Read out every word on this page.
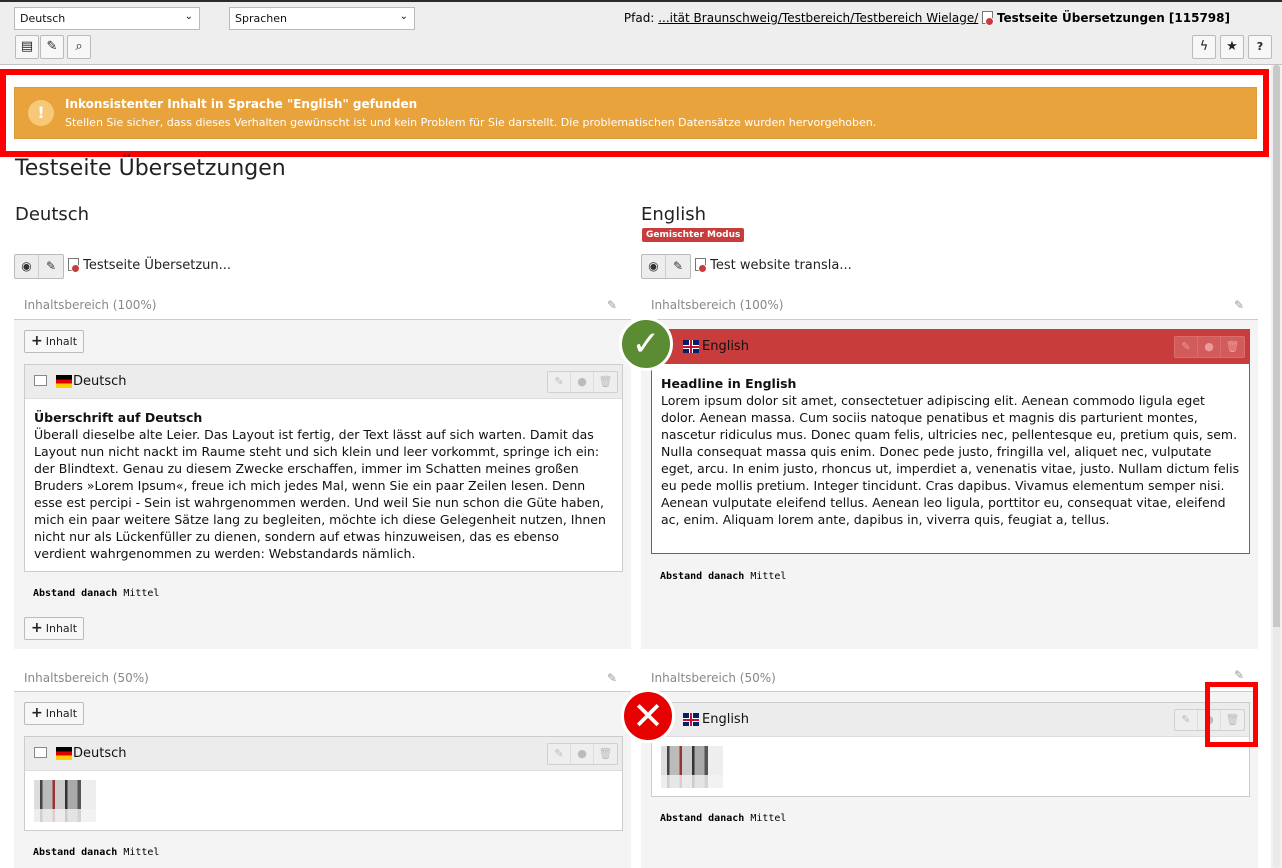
Deutsch	⌄	Sprachen	⌄
▤	✎	⌕
Pfad: ...ität Braunschweig/Testbereich/Testbereich Wielage/ Testseite Übersetzungen [115798]
ϟ	★	?
!	Inkonsistenter Inhalt in Sprache "English" gefunden
Stellen Sie sicher, dass dieses Verhalten gewünscht ist und kein Problem für Sie darstellt. Die problematischen Datensätze wurden hervorgehoben.
Testseite Übersetzungen
Deutsch	English
Gemischter Modus
◉	✎	Testseite Übersetzun...	◉	✎	Test website transla...
Inhaltsbereich (100%)	✎
+ Inhalt
Deutsch	✎	●	🗑
Überschrift auf Deutsch
Überall dieselbe alte Leier. Das Layout ist fertig, der Text lässt auf sich warten. Damit das Layout nun nicht nackt im Raume steht und sich klein und leer vorkommt, springe ich ein: der Blindtext. Genau zu diesem Zwecke erschaffen, immer im Schatten meines großen Bruders »Lorem Ipsum«, freue ich mich jedes Mal, wenn Sie ein paar Zeilen lesen. Denn esse est percipi - Sein ist wahrgenommen werden. Und weil Sie nun schon die Güte haben, mich ein paar weitere Sätze lang zu begleiten, möchte ich diese Gelegenheit nutzen, Ihnen nicht nur als Lückenfüller zu dienen, sondern auf etwas hinzuweisen, das es ebenso verdient wahrgenommen zu werden: Webstandards nämlich.
Abstand danach Mittel
+ Inhalt
Inhaltsbereich (50%)	✎
+ Inhalt
Deutsch	✎	●	🗑
Abstand danach Mittel
Inhaltsbereich (100%)	✎
English	✎	●	🗑
Headline in English
Lorem ipsum dolor sit amet, consectetuer adipiscing elit. Aenean commodo ligula eget dolor. Aenean massa. Cum sociis natoque penatibus et magnis dis parturient montes, nascetur ridiculus mus. Donec quam felis, ultricies nec, pellentesque eu, pretium quis, sem. Nulla consequat massa quis enim. Donec pede justo, fringilla vel, aliquet nec, vulputate eget, arcu. In enim justo, rhoncus ut, imperdiet a, venenatis vitae, justo. Nullam dictum felis eu pede mollis pretium. Integer tincidunt. Cras dapibus. Vivamus elementum semper nisi. Aenean vulputate eleifend tellus. Aenean leo ligula, porttitor eu, consequat vitae, eleifend ac, enim. Aliquam lorem ante, dapibus in, viverra quis, feugiat a, tellus.
Abstand danach Mittel
Inhaltsbereich (50%)	✎
English	✎	●	🗑
Abstand danach Mittel
✓
✕
